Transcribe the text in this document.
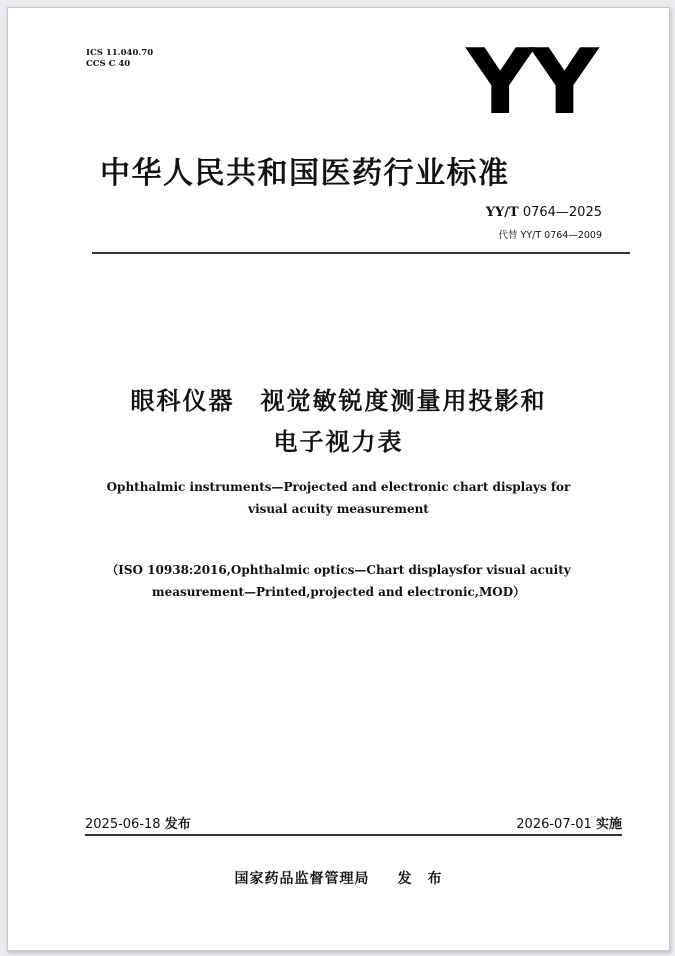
ICS 11.040.70
CCS C 40	YY
中华人民共和国医药行业标准
YY/T 0764—2025
代替 YY/T 0764—2009
眼科仪器　视觉敏锐度测量用投影和
电子视力表
Ophthalmic instruments—Projected and electronic chart displays for
visual acuity measurement
（ISO 10938:2016,Ophthalmic optics—Chart displaysfor visual acuity
measurement—Printed,projected and electronic,MOD）
2025-06-18 发布	2026-07-01 实施
国家药品监督管理局 发　布
